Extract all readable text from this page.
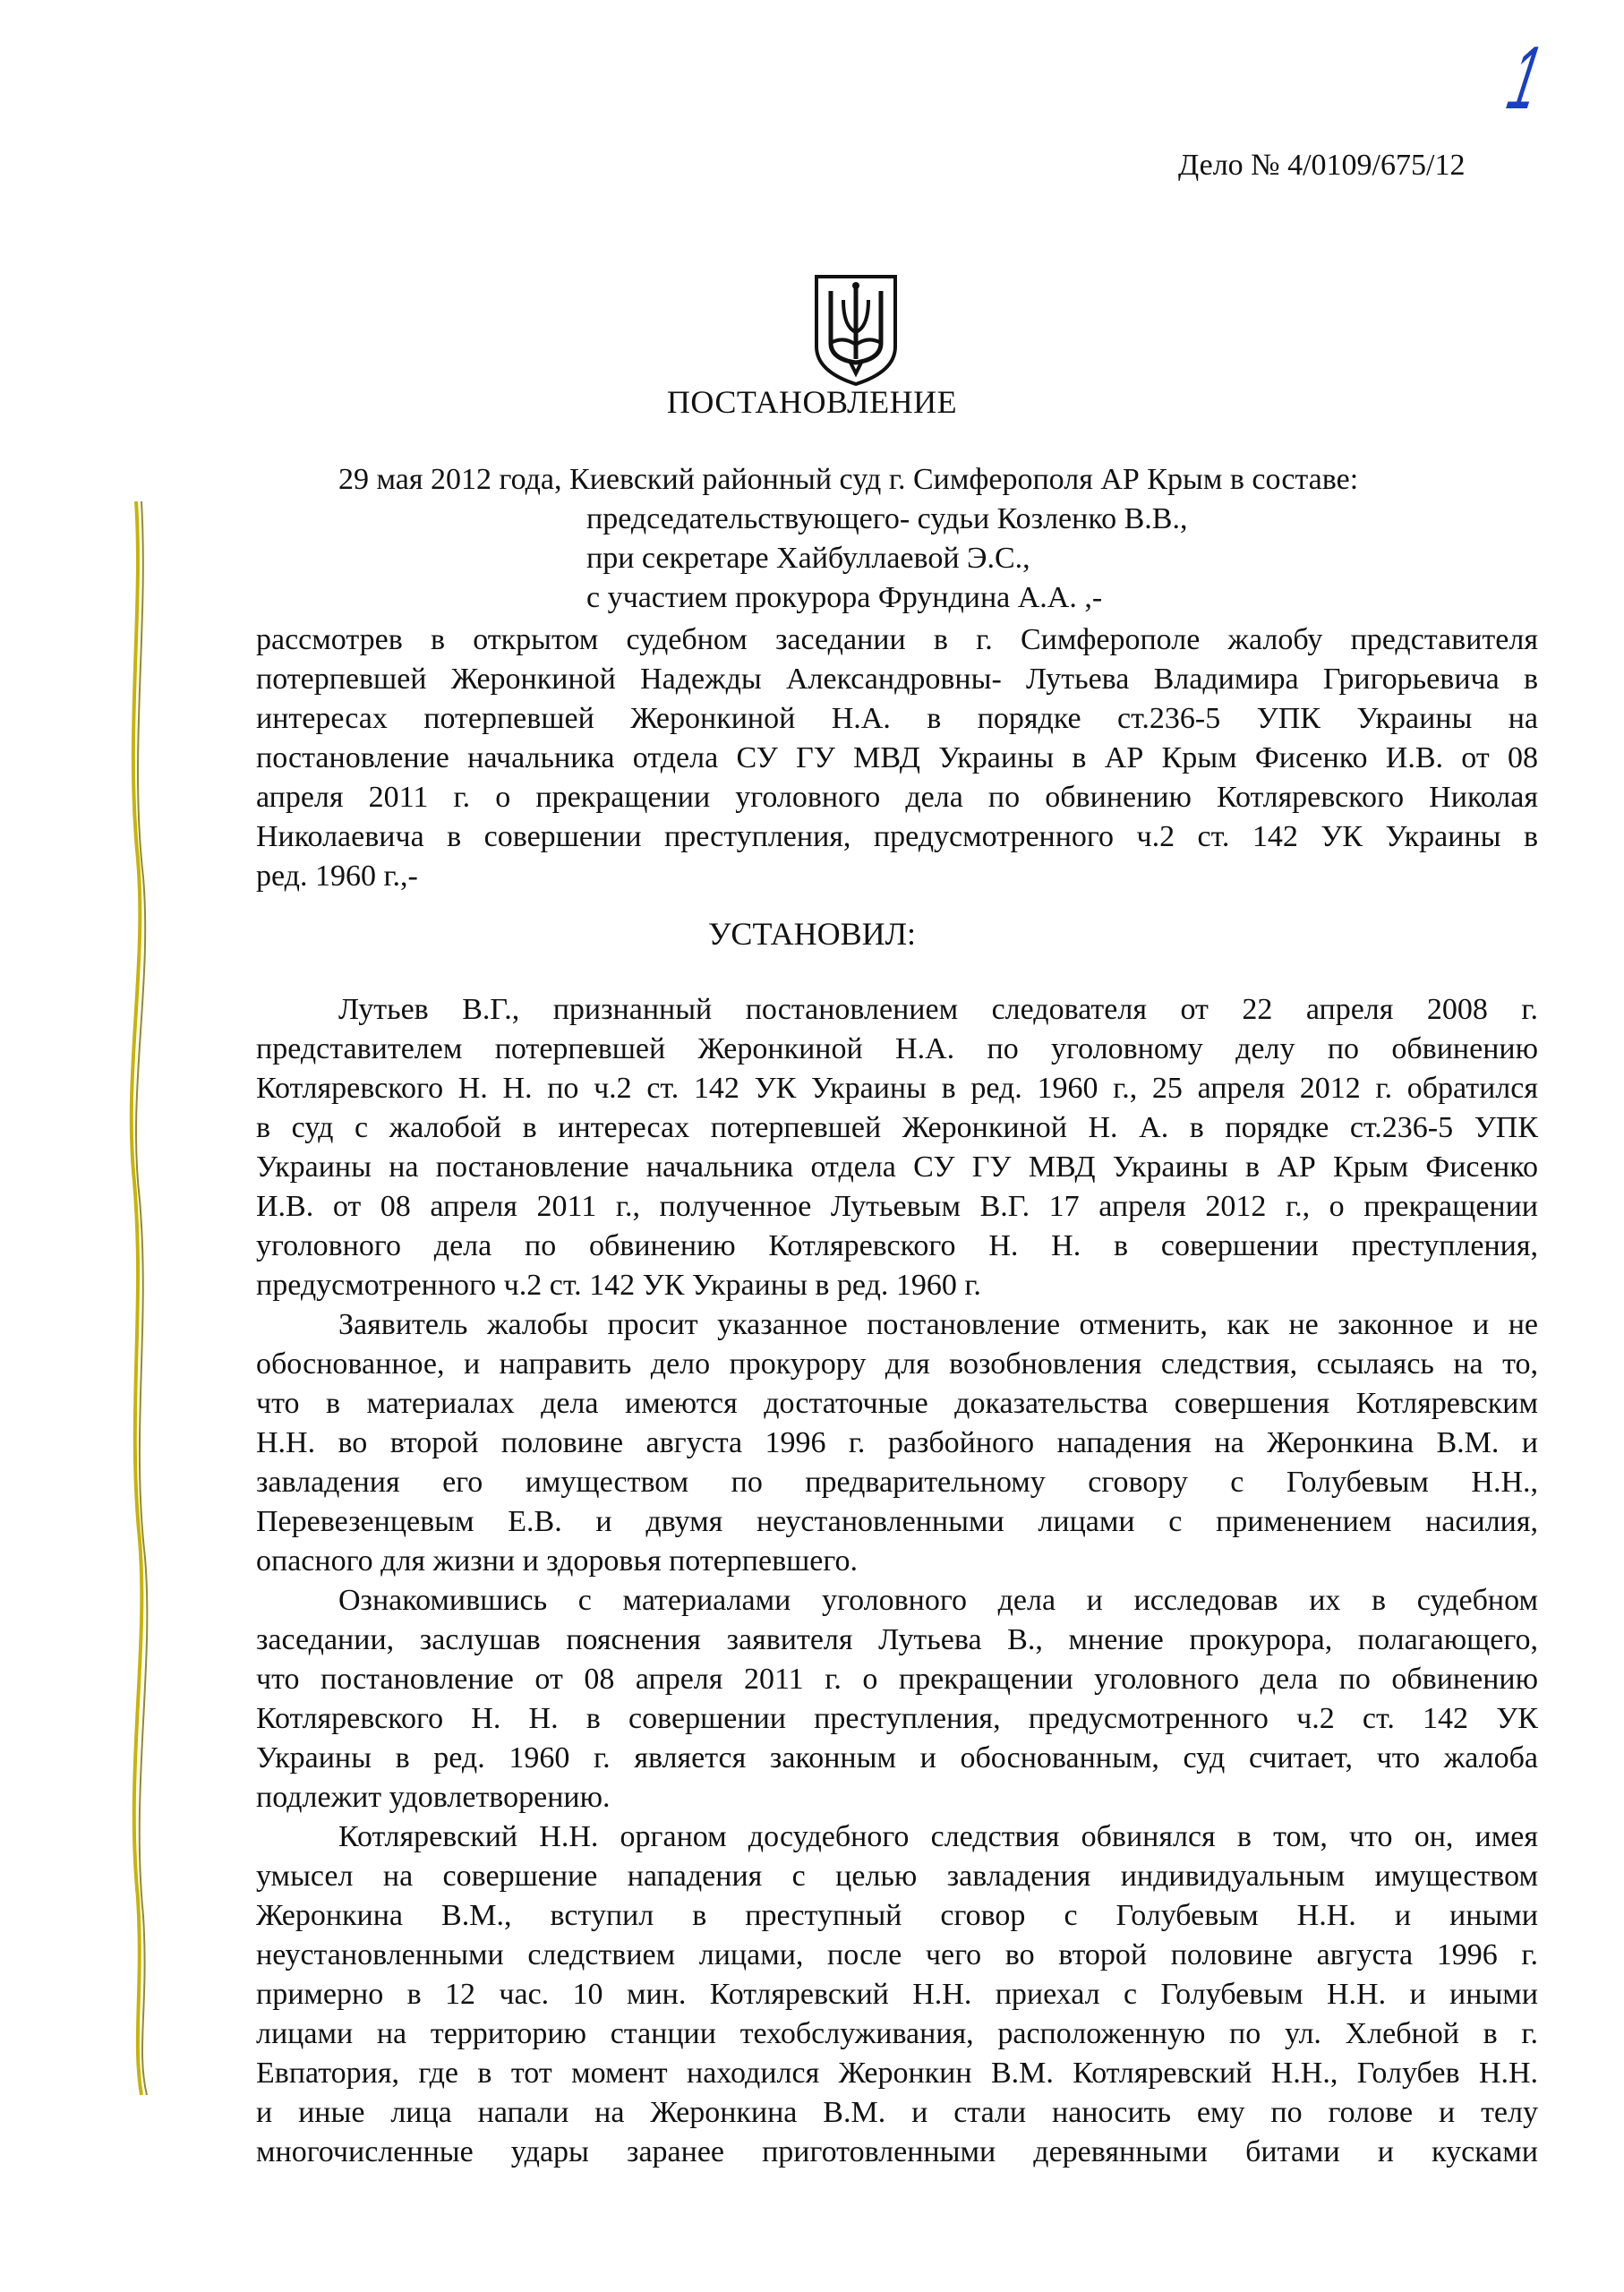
1
Дело № 4/0109/675/12
ПОСТАНОВЛЕНИЕ
29 мая 2012 года, Киевский районный суд г. Симферополя АР Крым в составе:
председательствующего- судьи Козленко В.В.,
при секретаре Хайбуллаевой Э.С.,
с участием прокурора Фрундина А.А. ,-
рассмотрев в открытом судебном заседании в г. Симферополе жалобу представителя
потерпевшей Жеронкиной Надежды Александровны- Лутьева Владимира Григорьевича в
интересах потерпевшей Жеронкиной Н.А. в порядке ст.236-5 УПК Украины на
постановление начальника отдела СУ ГУ МВД Украины в АР Крым Фисенко И.В. от 08
апреля 2011 г. о прекращении уголовного дела по обвинению Котляревского Николая
Николаевича в совершении преступления, предусмотренного ч.2 ст. 142 УК Украины в
ред. 1960 г.,-
УСТАНОВИЛ:
Лутьев В.Г., признанный постановлением следователя от 22 апреля 2008 г.
представителем потерпевшей Жеронкиной Н.А. по уголовному делу по обвинению
Котляревского Н. Н. по ч.2 ст. 142 УК Украины в ред. 1960 г., 25 апреля 2012 г. обратился
в суд с жалобой в интересах потерпевшей Жеронкиной Н. А. в порядке ст.236-5 УПК
Украины на постановление начальника отдела СУ ГУ МВД Украины в АР Крым Фисенко
И.В. от 08 апреля 2011 г., полученное Лутьевым В.Г. 17 апреля 2012 г., о прекращении
уголовного дела по обвинению Котляревского Н. Н. в совершении преступления,
предусмотренного ч.2 ст. 142 УК Украины в ред. 1960 г.
Заявитель жалобы просит указанное постановление отменить, как не законное и не
обоснованное, и направить дело прокурору для возобновления следствия, ссылаясь на то,
что в материалах дела имеются достаточные доказательства совершения Котляревским
Н.Н. во второй половине августа 1996 г. разбойного нападения на Жеронкина В.М. и
завладения его имуществом по предварительному сговору с Голубевым Н.Н.,
Перевезенцевым Е.В. и двумя неустановленными лицами с применением насилия,
опасного для жизни и здоровья потерпевшего.
Ознакомившись с материалами уголовного дела и исследовав их в судебном
заседании, заслушав пояснения заявителя Лутьева В., мнение прокурора, полагающего,
что постановление от 08 апреля 2011 г. о прекращении уголовного дела по обвинению
Котляревского Н. Н. в совершении преступления, предусмотренного ч.2 ст. 142 УК
Украины в ред. 1960 г. является законным и обоснованным, суд считает, что жалоба
подлежит удовлетворению.
Котляревский Н.Н. органом досудебного следствия обвинялся в том, что он, имея
умысел на совершение нападения с целью завладения индивидуальным имуществом
Жеронкина В.М., вступил в преступный сговор с Голубевым Н.Н. и иными
неустановленными следствием лицами, после чего во второй половине августа 1996 г.
примерно в 12 час. 10 мин. Котляревский Н.Н. приехал с Голубевым Н.Н. и иными
лицами на территорию станции техобслуживания, расположенную по ул. Хлебной в г.
Евпатория, где в тот момент находился Жеронкин В.М. Котляревский Н.Н., Голубев Н.Н.
и иные лица напали на Жеронкина В.М. и стали наносить ему по голове и телу
многочисленные удары заранее приготовленными деревянными битами и кусками
